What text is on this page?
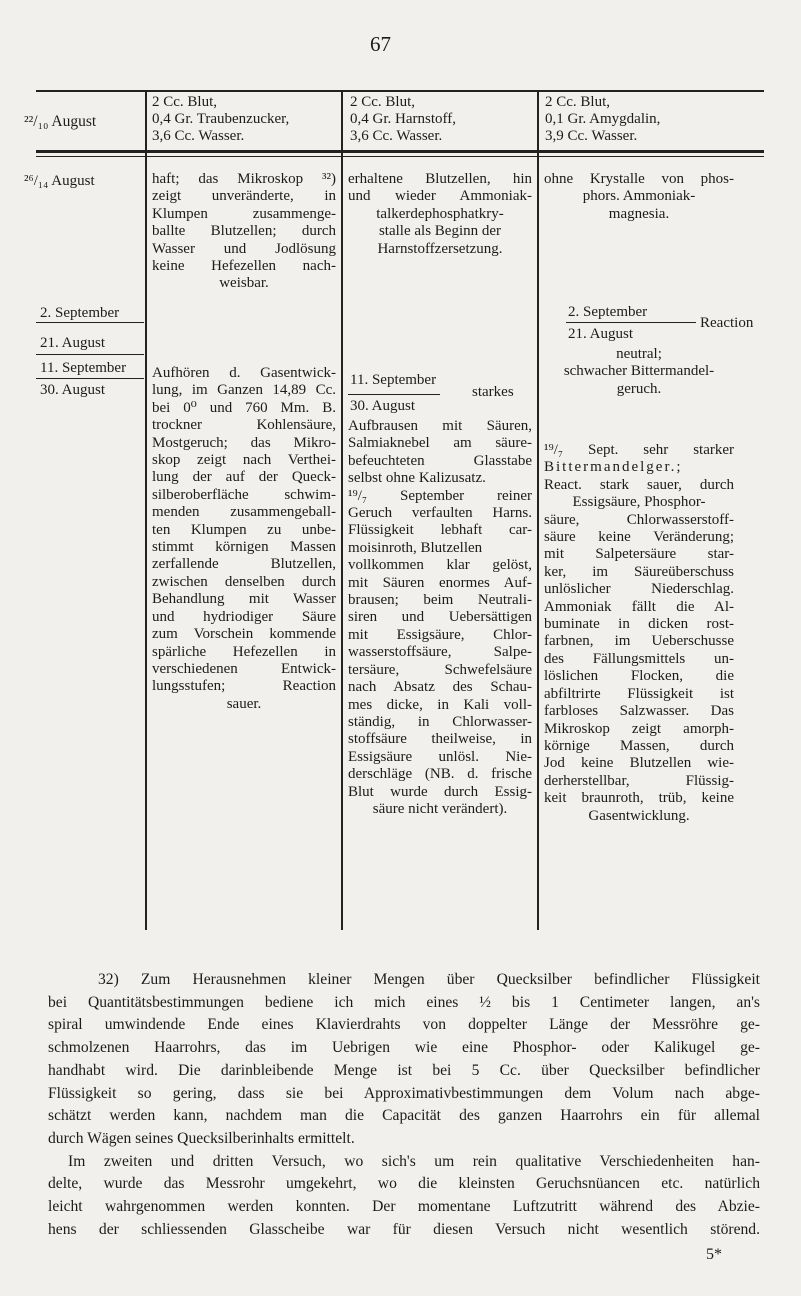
67
²²/₁₀ August
2 Cc. Blut,
0,4 Gr. Traubenzucker,
3,6 Cc. Wasser.
2 Cc. Blut,
0,4 Gr. Harnstoff,
3,6 Cc. Wasser.
2 Cc. Blut,
0,1 Gr. Amygdalin,
3,9 Cc. Wasser.
²⁶/₁₄ August
2. September
21. August
11. September
30. August
haft; das Mikroskop ³²)
zeigt unveränderte, in
Klumpen zusammenge-
ballte Blutzellen; durch
Wasser und Jodlösung
keine Hefezellen nach-
weisbar.
Aufhören d. Gasentwick-
lung, im Ganzen 14,89 Cc.
bei 0⁰ und 760 Mm. B.
trockner Kohlensäure,
Mostgeruch; das Mikro-
skop zeigt nach Verthei-
lung der auf der Queck-
silberoberfläche schwim-
menden zusammengeball-
ten Klumpen zu unbe-
stimmt körnigen Massen
zerfallende Blutzellen,
zwischen denselben durch
Behandlung mit Wasser
und hydriodiger Säure
zum Vorschein kommende
spärliche Hefezellen in
verschiedenen Entwick-
lungsstufen; Reaction
sauer.
erhaltene Blutzellen, hin
und wieder Ammoniak-
talkerdephosphatkry-
stalle als Beginn der
Harnstoffzersetzung.
11. September
starkes
30. August
Aufbrausen mit Säuren,
Salmiaknebel am säure-
befeuchteten Glasstabe
selbst ohne Kalizusatz.
¹⁹/₇ September reiner
Geruch verfaulten Harns.
Flüssigkeit lebhaft car-
moisinroth, Blutzellen
vollkommen klar gelöst,
mit Säuren enormes Auf-
brausen; beim Neutrali-
siren und Uebersättigen
mit Essigsäure, Chlor-
wasserstoffsäure, Salpe-
tersäure, Schwefelsäure
nach Absatz des Schau-
mes dicke, in Kali voll-
ständig, in Chlorwasser-
stoffsäure theilweise, in
Essigsäure unlösl. Nie-
derschläge (NB. d. frische
Blut wurde durch Essig-
säure nicht verändert).
ohne Krystalle von phos-
phors. Ammoniak-
magnesia.
2. September
Reaction
21. August
neutral;
schwacher Bittermandel-
geruch.
¹⁹/₇ Sept. sehr starker
Bittermandelger.;
React. stark sauer, durch
Essigsäure, Phosphor-
säure, Chlorwasserstoff-
säure keine Veränderung;
mit Salpetersäure star-
ker, im Säureüberschuss
unlöslicher Niederschlag.
Ammoniak fällt die Al-
buminate in dicken rost-
farbnen, im Ueberschusse
des Fällungsmittels un-
löslichen Flocken, die
abfiltrirte Flüssigkeit ist
farbloses Salzwasser. Das
Mikroskop zeigt amorph-
körnige Massen, durch
Jod keine Blutzellen wie-
derherstellbar, Flüssig-
keit braunroth, trüb, keine
Gasentwicklung.
32) Zum Herausnehmen kleiner Mengen über Quecksilber befindlicher Flüssigkeit
bei Quantitätsbestimmungen bediene ich mich eines ½ bis 1 Centimeter langen, an's
spiral umwindende Ende eines Klavierdrahts von doppelter Länge der Messröhre ge-
schmolzenen Haarrohrs, das im Uebrigen wie eine Phosphor- oder Kalikugel ge-
handhabt wird. Die darinbleibende Menge ist bei 5 Cc. über Quecksilber befindlicher
Flüssigkeit so gering, dass sie bei Approximativbestimmungen dem Volum nach abge-
schätzt werden kann, nachdem man die Capacität des ganzen Haarrohrs ein für allemal
durch Wägen seines Quecksilberinhalts ermittelt.
Im zweiten und dritten Versuch, wo sich's um rein qualitative Verschiedenheiten han-
delte, wurde das Messrohr umgekehrt, wo die kleinsten Geruchsnüancen etc. natürlich
leicht wahrgenommen werden konnten. Der momentane Luftzutritt während des Abzie-
hens der schliessenden Glasscheibe war für diesen Versuch nicht wesentlich störend.
5*
